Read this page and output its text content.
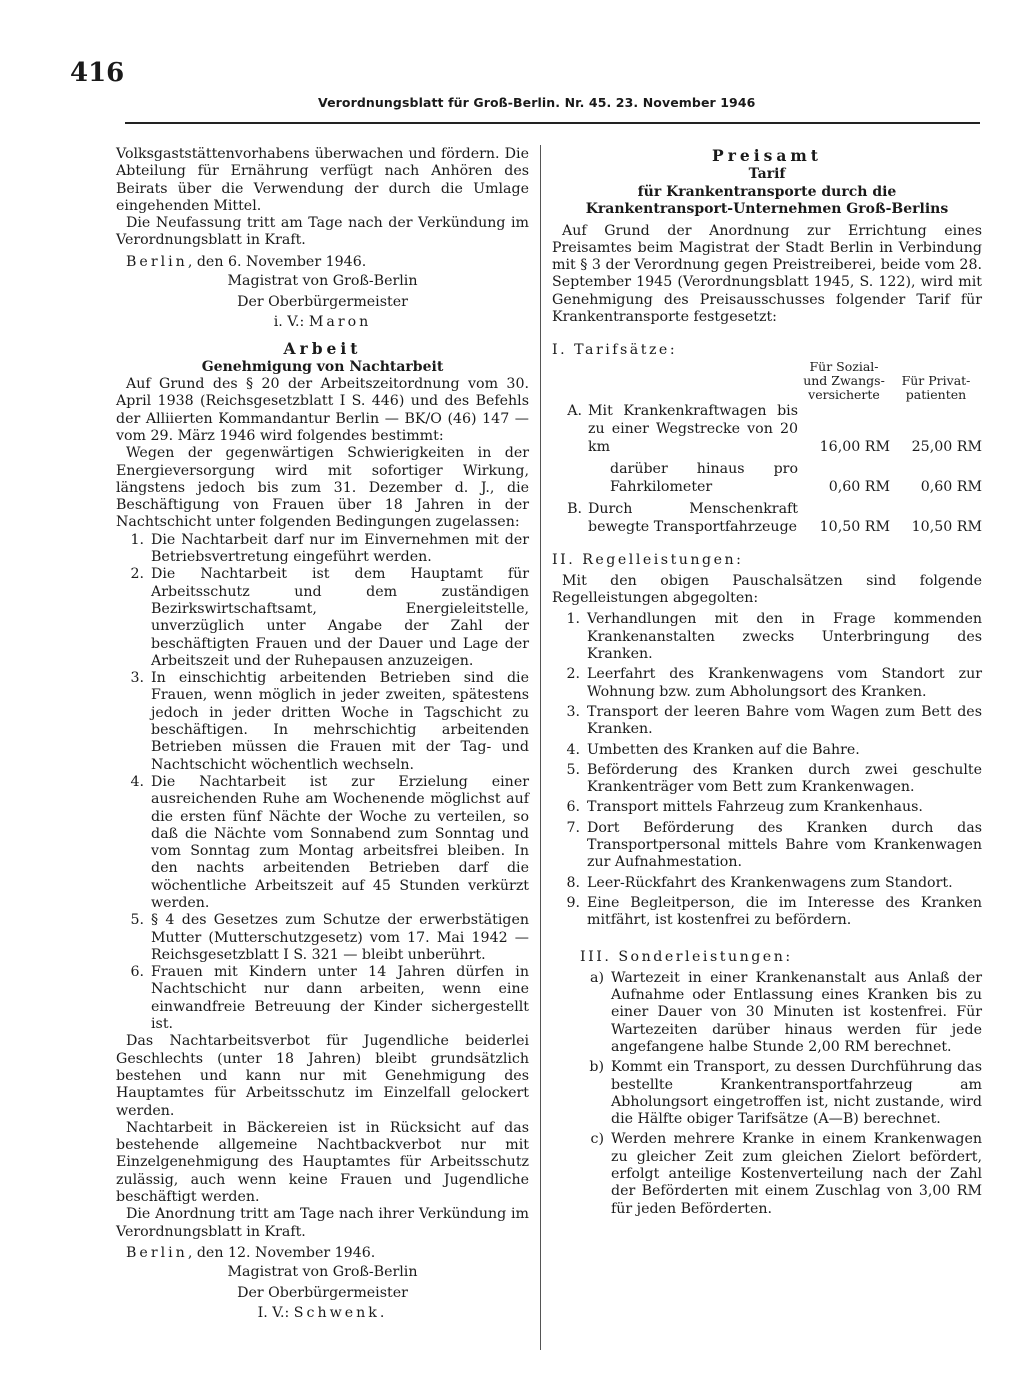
416
Verordnungsblatt für Groß-Berlin. Nr. 45. 23. November 1946

Volksgaststättenvorhabens überwachen und fördern. Die Abteilung für Ernährung verfügt nach Anhören des Beirats über die Verwendung der durch die Umlage eingehenden Mittel.

Die Neufassung tritt am Tage nach der Verkündung im Verordnungsblatt in Kraft.

Berlin, den 6. November 1946.

Magistrat von Groß-Berlin
Der Oberbürgermeister
i. V.: Maron
Arbeit
Genehmigung von Nachtarbeit

Auf Grund des § 20 der Arbeitszeitordnung vom 30. April 1938 (Reichsgesetzblatt I S. 446) und des Befehls der Alliierten Kommandantur Berlin — BK/O (46) 147 — vom 29. März 1946 wird folgendes bestimmt:

Wegen der gegenwärtigen Schwierigkeiten in der Energieversorgung wird mit sofortiger Wirkung, längstens jedoch bis zum 31. Dezember d. J., die Beschäftigung von Frauen über 18 Jahren in der Nachtschicht unter folgenden Bedingungen zugelassen:

1. Die Nachtarbeit darf nur im Einvernehmen mit der Betriebsvertretung eingeführt werden.
2. Die Nachtarbeit ist dem Hauptamt für Arbeitsschutz und dem zuständigen Bezirkswirtschaftsamt, Energieleitstelle, unverzüglich unter Angabe der Zahl der beschäftigten Frauen und der Dauer und Lage der Arbeitszeit und der Ruhepausen anzuzeigen.
3. In einschichtig arbeitenden Betrieben sind die Frauen, wenn möglich in jeder zweiten, spätestens jedoch in jeder dritten Woche in Tagschicht zu beschäftigen. In mehrschichtig arbeitenden Betrieben müssen die Frauen mit der Tag- und Nachtschicht wöchentlich wechseln.
4. Die Nachtarbeit ist zur Erzielung einer ausreichenden Ruhe am Wochenende möglichst auf die ersten fünf Nächte der Woche zu verteilen, so daß die Nächte vom Sonnabend zum Sonntag und vom Sonntag zum Montag arbeitsfrei bleiben. In den nachts arbeitenden Betrieben darf die wöchentliche Arbeitszeit auf 45 Stunden verkürzt werden.
5. § 4 des Gesetzes zum Schutze der erwerbstätigen Mutter (Mutterschutzgesetz) vom 17. Mai 1942 — Reichsgesetzblatt I S. 321 — bleibt unberührt.
6. Frauen mit Kindern unter 14 Jahren dürfen in Nachtschicht nur dann arbeiten, wenn eine einwandfreie Betreuung der Kinder sichergestellt ist.

Das Nachtarbeitsverbot für Jugendliche beiderlei Geschlechts (unter 18 Jahren) bleibt grundsätzlich bestehen und kann nur mit Genehmigung des Hauptamtes für Arbeitsschutz im Einzelfall gelockert werden.

Nachtarbeit in Bäckereien ist in Rücksicht auf das bestehende allgemeine Nachtbackverbot nur mit Einzelgenehmigung des Hauptamtes für Arbeitsschutz zulässig, auch wenn keine Frauen und Jugendliche beschäftigt werden.

Die Anordnung tritt am Tage nach ihrer Verkündung im Verordnungsblatt in Kraft.

Berlin, den 12. November 1946.

Magistrat von Groß-Berlin
Der Oberbürgermeister
I. V.: Schwenk.
Preisamt
Tarif
für Krankentransporte durch die Krankentransport-Unternehmen Groß-Berlins

Auf Grund der Anordnung zur Errichtung eines Preisamtes beim Magistrat der Stadt Berlin in Verbindung mit § 3 der Verordnung gegen Preistreiberei, beide vom 28. September 1945 (Verordnungsblatt 1945, S. 122), wird mit Genehmigung des Preisausschusses folgender Tarif für Krankentransporte festgesetzt:

I. Tarifsätze:

		Für Sozial- und Zwangs-versicherte	Für Privat-patienten
A.	Mit Krankenkraftwagen bis zu einer Wegstrecke von 20 km	16,00 RM	25,00 RM
	darüber hinaus pro Fahrkilometer	0,60 RM	0,60 RM
B.	Durch Menschenkraft bewegte Transportfahrzeuge	10,50 RM	10,50 RM

II. Regelleistungen:

Mit den obigen Pauschalsätzen sind folgende Regelleistungen abgegolten:

1. Verhandlungen mit den in Frage kommenden Krankenanstalten zwecks Unterbringung des Kranken.
2. Leerfahrt des Krankenwagens vom Standort zur Wohnung bzw. zum Abholungsort des Kranken.
3. Transport der leeren Bahre vom Wagen zum Bett des Kranken.
4. Umbetten des Kranken auf die Bahre.
5. Beförderung des Kranken durch zwei geschulte Krankenträger vom Bett zum Krankenwagen.
6. Transport mittels Fahrzeug zum Krankenhaus.
7. Dort Beförderung des Kranken durch das Transportpersonal mittels Bahre vom Krankenwagen zur Aufnahmestation.
8. Leer-Rückfahrt des Krankenwagens zum Standort.
9. Eine Begleitperson, die im Interesse des Kranken mitfährt, ist kostenfrei zu befördern.

III. Sonderleistungen:

a) Wartezeit in einer Krankenanstalt aus Anlaß der Aufnahme oder Entlassung eines Kranken bis zu einer Dauer von 30 Minuten ist kostenfrei. Für Wartezeiten darüber hinaus werden für jede angefangene halbe Stunde 2,00 RM berechnet.
b) Kommt ein Transport, zu dessen Durchführung das bestellte Krankentransportfahrzeug am Abholungsort eingetroffen ist, nicht zustande, wird die Hälfte obiger Tarifsätze (A—B) berechnet.
c) Werden mehrere Kranke in einem Krankenwagen zu gleicher Zeit zum gleichen Zielort befördert, erfolgt anteilige Kostenverteilung nach der Zahl der Beförderten mit einem Zuschlag von 3,00 RM für jeden Beförderten.
